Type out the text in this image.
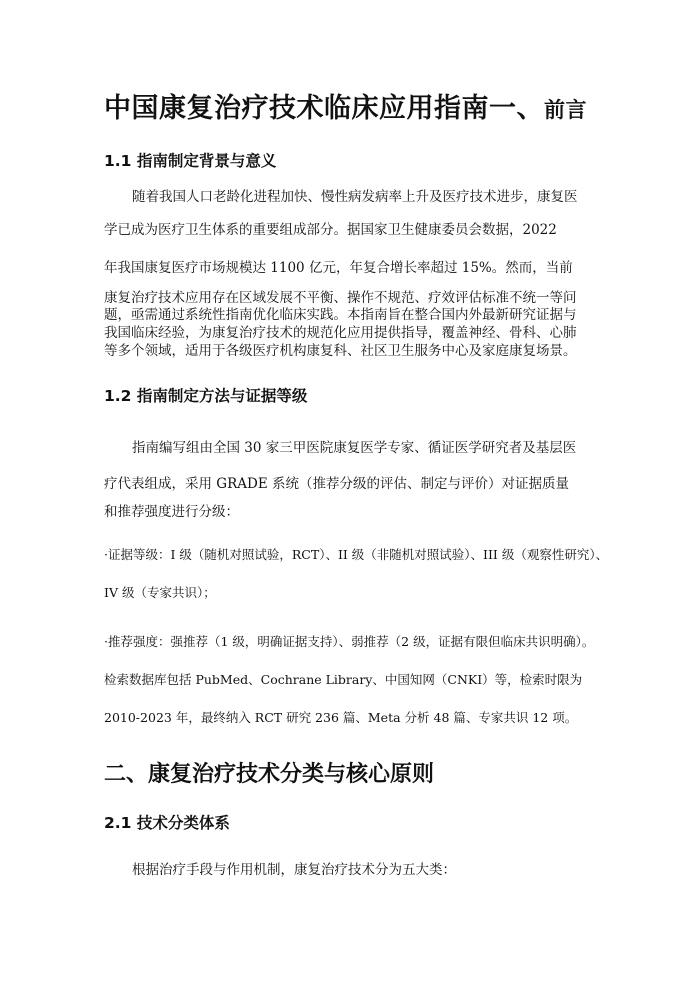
中国康复治疗技术临床应用指南一、前言
1.1 指南制定背景与意义

随着我国人口老龄化进程加快、慢性病发病率上升及医疗技术进步，康复医

学已成为医疗卫生体系的重要组成部分。据国家卫生健康委员会数据，2022

年我国康复医疗市场规模达 1100 亿元，年复合增长率超过 15%。然而，当前

康复治疗技术应用存在区域发展不平衡、操作不规范、疗效评估标准不统一等问

题，亟需通过系统性指南优化临床实践。本指南旨在整合国内外最新研究证据与

我国临床经验，为康复治疗技术的规范化应用提供指导，覆盖神经、骨科、心肺

等多个领域，适用于各级医疗机构康复科、社区卫生服务中心及家庭康复场景。

1.2 指南制定方法与证据等级

指南编写组由全国 30 家三甲医院康复医学专家、循证医学研究者及基层医

疗代表组成，采用 GRADE 系统（推荐分级的评估、制定与评价）对证据质量

和推荐强度进行分级：

·证据等级：I 级（随机对照试验，RCT）、II 级（非随机对照试验）、III 级（观察性研究）、

IV 级（专家共识）；

·推荐强度：强推荐（1 级，明确证据支持）、弱推荐（2 级，证据有限但临床共识明确）。

检索数据库包括 PubMed、Cochrane Library、中国知网（CNKI）等，检索时限为

2010-2023 年，最终纳入 RCT 研究 236 篇、Meta 分析 48 篇、专家共识 12 项。

二、康复治疗技术分类与核心原则
2.1 技术分类体系

根据治疗手段与作用机制，康复治疗技术分为五大类：
